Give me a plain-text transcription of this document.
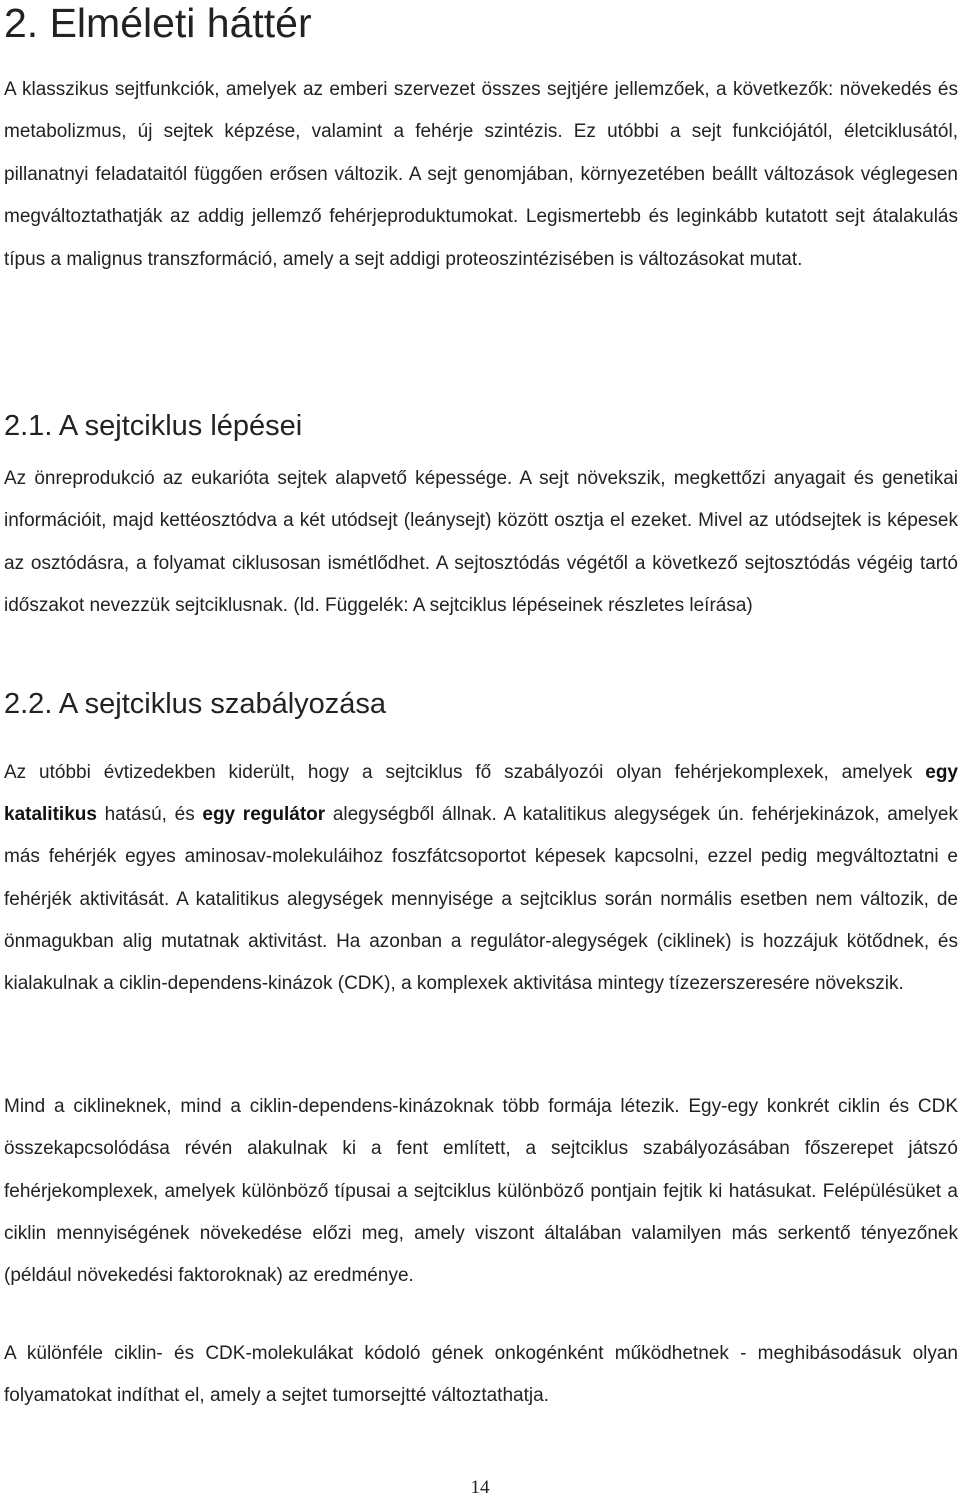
2. Elméleti háttér

A klasszikus sejtfunkciók, amelyek az emberi szervezet összes sejtjére jellemzőek, a következők: növekedés és metabolizmus, új sejtek képzése, valamint a fehérje szintézis. Ez utóbbi a sejt funkciójától, életciklusától, pillanatnyi feladataitól függően erősen változik. A sejt genomjában, környezetében beállt változások véglegesen megváltoztathatják az addig jellemző fehérjeproduktumokat. Legismertebb és leginkább kutatott sejt átalakulás típus a malignus transzformáció, amely a sejt addigi proteoszintézisében is változásokat mutat.

2.1. A sejtciklus lépései

Az önreprodukció az eukarióta sejtek alapvető képessége. A sejt növekszik, megkettőzi anyagait és genetikai információit, majd kettéosztódva a két utódsejt (leánysejt) között osztja el ezeket. Mivel az utódsejtek is képesek az osztódásra, a folyamat ciklusosan ismétlődhet. A sejtosztódás végétől a következő sejtosztódás végéig tartó időszakot nevezzük sejtciklusnak. (ld. Függelék: A sejtciklus lépéseinek részletes leírása)

2.2. A sejtciklus szabályozása

Az utóbbi évtizedekben kiderült, hogy a sejtciklus fő szabályozói olyan fehérjekomplexek, amelyek egy katalitikus hatású, és egy regulátor alegységből állnak. A katalitikus alegységek ún. fehérjekinázok, amelyek más fehérjék egyes aminosav-molekuláihoz foszfátcsoportot képesek kapcsolni, ezzel pedig megváltoztatni e fehérjék aktivitását. A katalitikus alegységek mennyisége a sejtciklus során normális esetben nem változik, de önmagukban alig mutatnak aktivitást. Ha azonban a regulátor-alegységek (ciklinek) is hozzájuk kötődnek, és kialakulnak a ciklin-dependens-kinázok (CDK), a komplexek aktivitása mintegy tízezerszeresére növekszik.

Mind a ciklineknek, mind a ciklin-dependens-kinázoknak több formája létezik. Egy-egy konkrét ciklin és CDK összekapcsolódása révén alakulnak ki a fent említett, a sejtciklus szabályozásában főszerepet játszó fehérjekomplexek, amelyek különböző típusai a sejtciklus különböző pontjain fejtik ki hatásukat. Felépülésüket a ciklin mennyiségének növekedése előzi meg, amely viszont általában valamilyen más serkentő tényezőnek (például növekedési faktoroknak) az eredménye.

A különféle ciklin- és CDK-molekulákat kódoló gének onkogénként működhetnek - meghibásodásuk olyan folyamatokat indíthat el, amely a sejtet tumorsejtté változtathatja.

14
